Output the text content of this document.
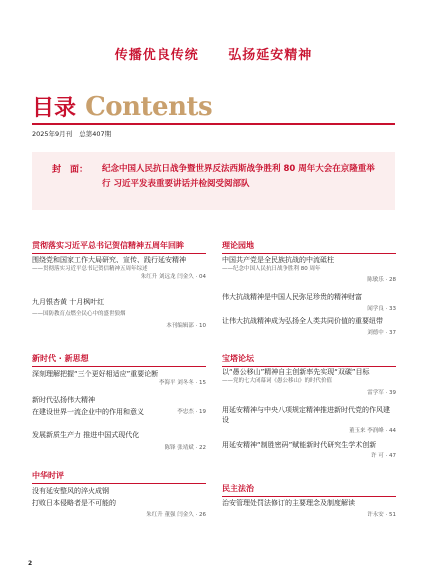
传播优良传统 弘扬延安精神
目录 Contents
2025年9月刊 总第407期
封　面： 纪念中国人民抗日战争暨世界反法西斯战争胜利 80 周年大会在京隆重举行 习近平发表重要讲话并检阅受阅部队
贯彻落实习近平总书记贺信精神五周年回眸
围绕党和国家工作大局研究、宣传、践行延安精神
——贯彻落实习近平总书记贺信精神五周年综述
朱红升 刘远龙 闫金久 · 04
九月银杏黄 十月枫叶红
——国防教育点燃全民心中的盛世狼烟
本刊编辑部 · 10
新时代 · 新思想
深刻理解把握“三个更好相适应”重要论断
李海平 刘冬冬 · 15
新时代弘扬伟大精神
在建设世界一流企业中的作用和意义	李忠杰 · 19
发展新质生产力 推进中国式现代化
陈锋 张靖斌 · 22
中华时评
没有延安整风的淬火成钢
打败日本侵略者是不可能的
朱红升 董强 闫金久 · 26
理论园地
中国共产党是全民族抗战的中流砥柱
——纪念中国人民抗日战争胜利 80 周年
陈敏乐 · 28
伟大抗战精神是中国人民弥足珍贵的精神财富
闻学良 · 33
让伟大抗战精神成为弘扬全人类共同价值的重要纽带
刘德中 · 37
宝塔论坛
以“愚公移山”精神自主创新率先实现“双碳”目标
——党的七大闭幕词《愚公移山》的时代价值
雷学军 · 39
用延安精神与中央八项规定精神推进新时代党的作风建设
董玉来 李润峰 · 44
用延安精神“制胜密码”赋能新时代研究生学术创新
许 可 · 47
民主法治
治安管理处罚法修订的主要理念及制度解读
许永安 · 51
2
